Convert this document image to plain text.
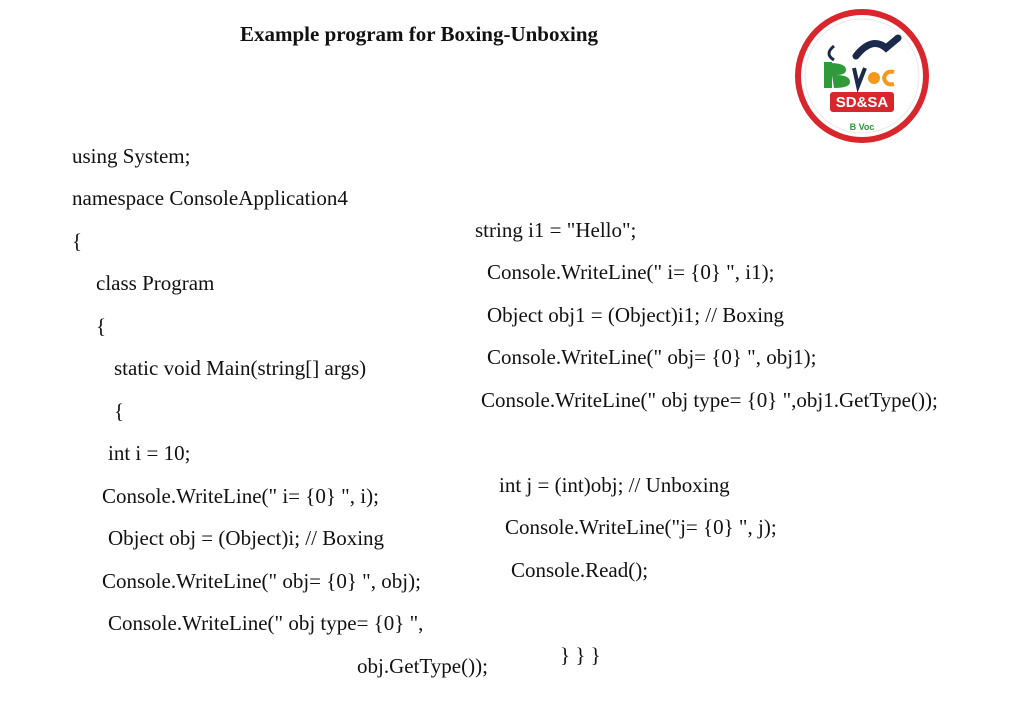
Example program for Boxing-Unboxing
SD&SA
B Voc
using System;
namespace ConsoleApplication4
{
class Program
{
static void Main(string[] args)
{
int i = 10;
Console.WriteLine(" i= {0} ", i);
Object obj = (Object)i; // Boxing
Console.WriteLine(" obj= {0} ", obj);
Console.WriteLine(" obj type= {0} ",
obj.GetType());
string i1 = "Hello";
Console.WriteLine(" i= {0} ", i1);
Object obj1 = (Object)i1; // Boxing
Console.WriteLine(" obj= {0} ", obj1);
Console.WriteLine(" obj type= {0} ",obj1.GetType());
int j = (int)obj; // Unboxing
Console.WriteLine("j= {0} ", j);
Console.Read();
} } }
